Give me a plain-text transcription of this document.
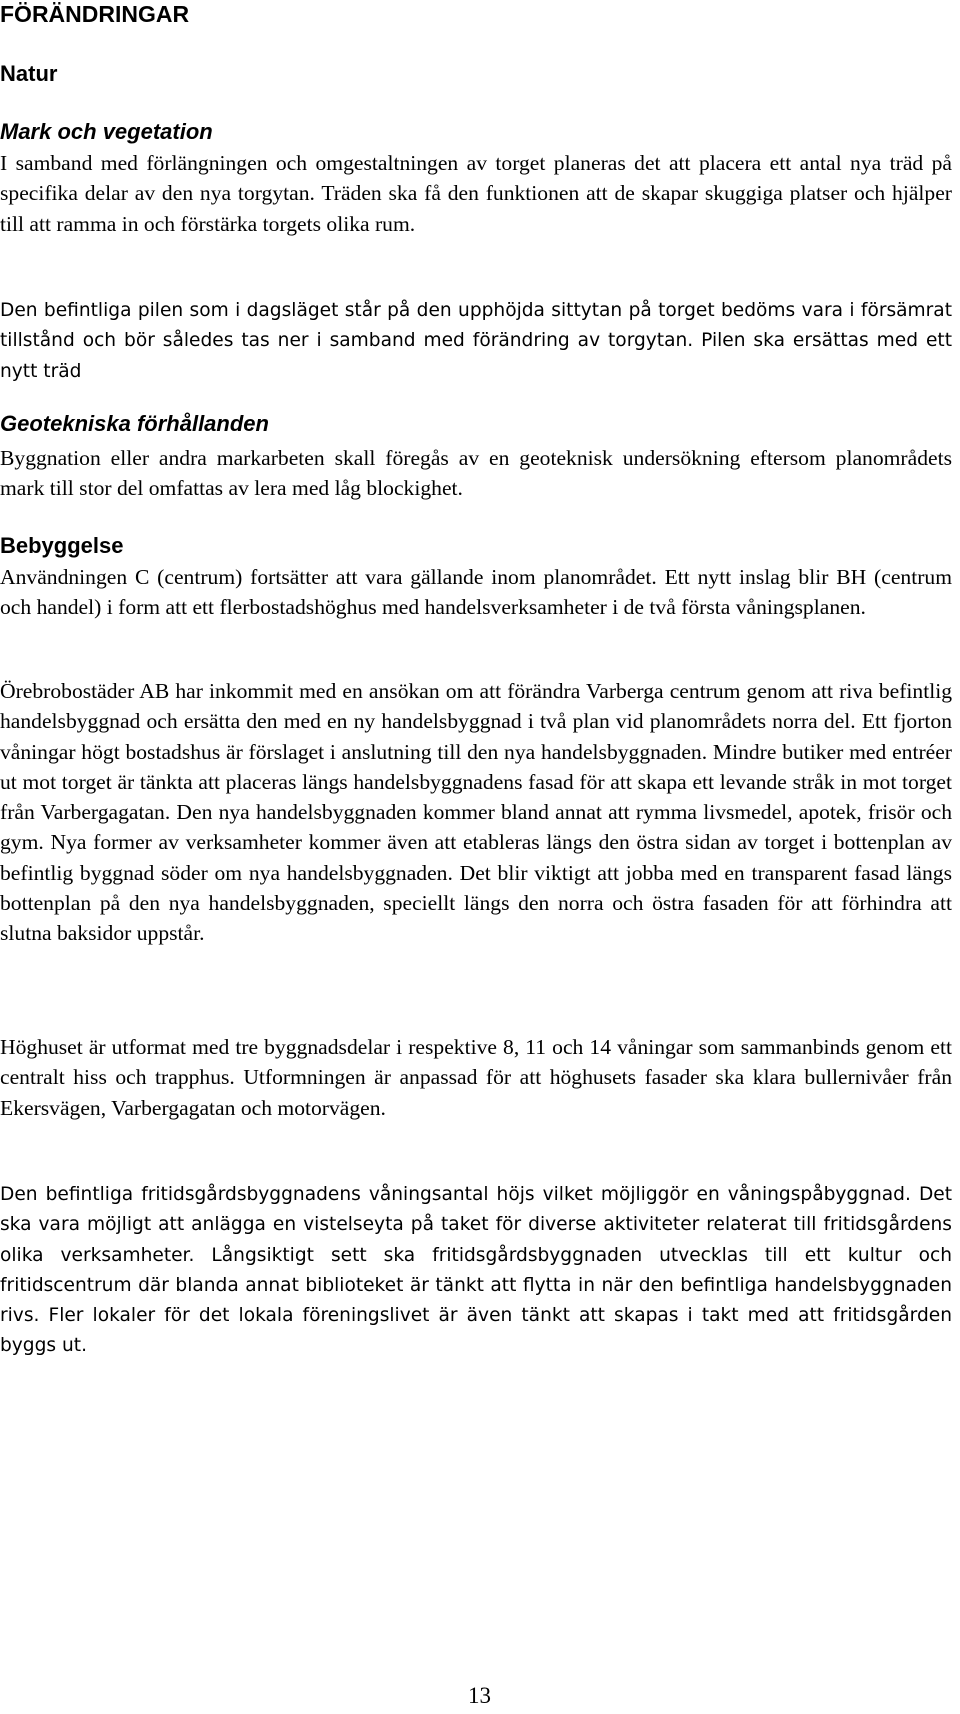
FÖRÄNDRINGAR
Natur
Mark och vegetation

I samband med förlängningen och omgestaltningen av torget planeras det att placera ett antal nya träd på specifika delar av den nya torgytan. Träden ska få den funktionen att de skapar skuggiga platser och hjälper till att ramma in och förstärka torgets olika rum.

Den befintliga pilen som i dagsläget står på den upphöjda sittytan på torget bedöms vara i försämrat tillstånd och bör således tas ner i samband med förändring av torgytan. Pilen ska ersättas med ett nytt träd

Geotekniska förhållanden

Byggnation eller andra markarbeten skall föregås av en geoteknisk undersökning eftersom planområdets mark till stor del omfattas av lera med låg blockighet.

Bebyggelse

Användningen C (centrum) fortsätter att vara gällande inom planområdet. Ett nytt inslag blir BH (centrum och handel) i form att ett flerbostadshöghus med handelsverksamheter i de två första våningsplanen.

Örebrobostäder AB har inkommit med en ansökan om att förändra Varberga centrum genom att riva befintlig handelsbyggnad och ersätta den med en ny handelsbyggnad i två plan vid planområdets norra del. Ett fjorton våningar högt bostadshus är förslaget i anslutning till den nya handelsbyggnaden. Mindre butiker med entréer ut mot torget är tänkta att placeras längs handelsbyggnadens fasad för att skapa ett levande stråk in mot torget från Varbergagatan. Den nya handelsbyggnaden kommer bland annat att rymma livsmedel, apotek, frisör och gym. Nya former av verksamheter kommer även att etableras längs den östra sidan av torget i bottenplan av befintlig byggnad söder om nya handelsbyggnaden. Det blir viktigt att jobba med en transparent fasad längs bottenplan på den nya handelsbyggnaden, speciellt längs den norra och östra fasaden för att förhindra att slutna baksidor uppstår.

Höghuset är utformat med tre byggnadsdelar i respektive 8, 11 och 14 våningar som sammanbinds genom ett centralt hiss och trapphus. Utformningen är anpassad för att höghusets fasader ska klara bullernivåer från Ekersvägen, Varbergagatan och motorvägen.

Den befintliga fritidsgårdsbyggnadens våningsantal höjs vilket möjliggör en våningspåbyggnad. Det ska vara möjligt att anlägga en vistelseyta på taket för diverse aktiviteter relaterat till fritidsgårdens olika verksamheter. Långsiktigt sett ska fritidsgårdsbyggnaden utvecklas till ett kultur och fritidscentrum där blanda annat biblioteket är tänkt att flytta in när den befintliga handelsbyggnaden rivs. Fler lokaler för det lokala föreningslivet är även tänkt att skapas i takt med att fritidsgården byggs ut.

13
